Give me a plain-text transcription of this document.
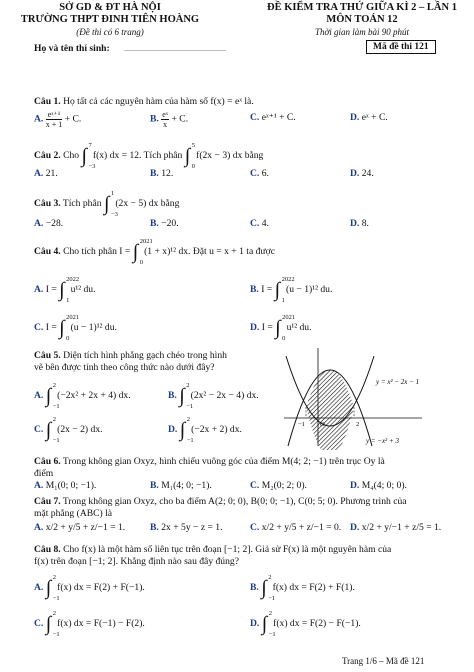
SỞ GD & ĐT HÀ NỘI
TRƯỜNG THPT ĐINH TIÊN HOÀNG
(Đề thi có 6 trang)
ĐỀ KIỂM TRA THỨ GIỮA KÌ 2 – LẦN 1
MÔN TOÁN 12
Thời gian làm bài 90 phút
Họ và tên thí sinh: ...................................................	Mã đề thi 121
Câu 1. Họ tất cả các nguyên hàm của hàm số f(x) = eˣ là.
A. $\frac{\text{eˣ⁺¹}}{x + 1} + C$.	B. $\frac{\text{eˣ}}{x} + C$.	C. eˣ⁺¹ + C.	D. eˣ + C.
Câu 2. Cho ∫ 7
−3
f(x) dx = 12. Tích phân ∫ 5
0
f(2x − 3) dx bằng
A. 21.	B. 12.	C. 6.	D. 24.
Câu 3. Tích phân ∫ 1
−3
(2x − 5) dx bằng
A. −28.	B. −20.	C. 4.	D. 8.
Câu 4. Cho tích phân I = ∫ 2021
0
(1 + x)¹² dx. Đặt u = x + 1 ta được
A. I = ∫ 2022
1
u¹² du.	B. I = ∫ 2022
1
(u − 1)¹² du.
C. I = ∫ 2021
0
(u − 1)¹² du.	D. I = ∫ 2021
0
u¹² du.
Câu 5. Diện tích hình phẳng gạch chéo trong hình
vẽ bên được tính theo công thức nào dưới đây?
A. ∫ 2
−1
(−2x² + 2x + 4) dx.	B. ∫ 2
−1
(2x² − 2x − 4) dx.
C. ∫ 2
−1
(2x − 2) dx.	D. ∫ 2
−1
(−2x + 2) dx.
y = x² − 2x − 1
y = −x² + 3
−1 O	2
Câu 6. Trong không gian Oxyz, hình chiếu vuông góc của điểm M(4; 2; −1) trên trục Oy là
điểm
A. M₁(0; 0; −1).	B. M₁(4; 0; −1).	C. M₂(0; 2; 0).	D. M₄(4; 0; 0).
Câu 7. Trong không gian Oxyz, cho ba điểm A(2; 0; 0), B(0; 0; −1), C(0; 5; 0). Phương trình của
mặt phẳng (ABC) là
A. x/2 + y/5 + z/−1 = 1.	B. 2x + 5y − z = 1.	C. x/2 + y/5 + z/−1 = 0. D. x/2 + y/−1 + z/5 = 1.
Câu 8. Cho f(x) là một hàm số liên tục trên đoạn [−1; 2]. Giả sử F(x) là một nguyên hàm của
f(x) trên đoạn [−1; 2]. Khẳng định nào sau đây đúng?
A. ∫ 2
−1
f(x) dx = F(2) + F(−1).	B. ∫ 2
−1
f(x) dx = F(2) + F(1).
C. ∫ 2
−1
f(x) dx = F(−1) − F(2).	D. ∫ 2
−1
f(x) dx = F(2) − F(−1).
Trang 1/6 – Mã đề 121
